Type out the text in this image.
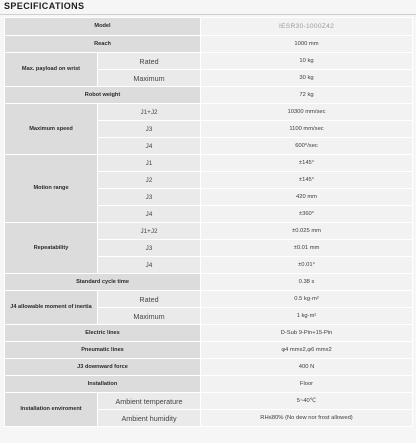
SPECIFICATIONS
Model		IESR30-1000Z42
Reach		1000 mm
Max. payload on wrist	Rated	10 kg
	Maximum	30 kg
Robot weight		72 kg
Maximum speed	J1+J2	10300 mm/sec
	J3	1100 mm/sec
	J4	600°/sec
Motion range	J1	±145°
	J2	±145°
	J3	420 mm
	J4	±360°
Repeatability	J1+J2	±0.025 mm
	J3	±0.01 mm
	J4	±0.01°
Standard cycle time		0.38 s
J4 allowable moment of inertia	Rated	0.5 kg·m²
	Maximum	1 kg·m²
Electric lines		D-Sub 9-Pin+15-Pin
Pneumatic lines		φ4 mmx2,φ6 mmx2
J3 downward force		400 N
Installation		Floor
Installation enviroment	Ambient temperature	5~40℃
	Ambient humidity	RH≤80% (No dew nor frost allowed)
